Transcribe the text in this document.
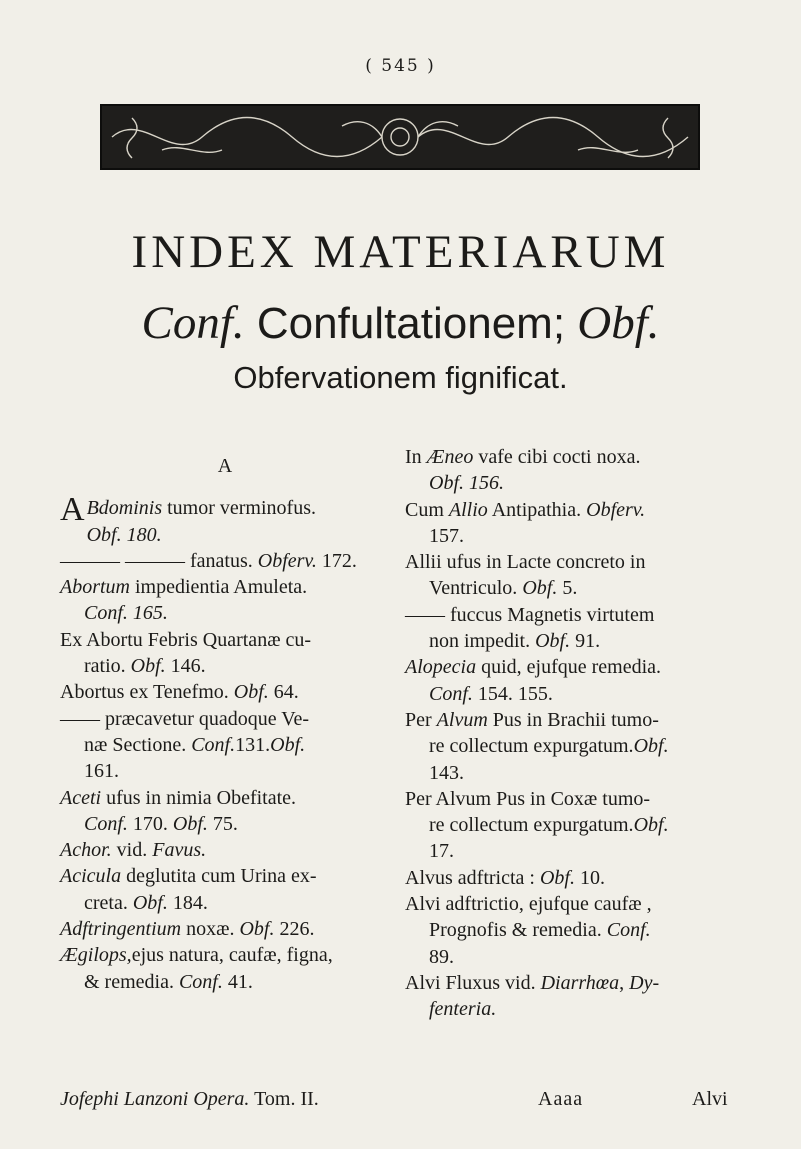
( 545 )
INDEX MATERIARUM
Conf. Confultationem; Obf.
Obfervationem fignificat.
A
A Bdominis tumor verminofus.
Obf. 180.
——— ——— fanatus. Obferv. 172.
Abortum impedientia Amuleta.
Conf. 165.
Ex Abortu Febris Quartanæ cu-
ratio. Obf. 146.
Abortus ex Tenefmo. Obf. 64.
—— præcavetur quadoque Ve-
næ Sectione. Conf.131.Obf.
161.
Aceti ufus in nimia Obefitate.
Conf. 170. Obf. 75.
Achor. vid. Favus.
Acicula deglutita cum Urina ex-
creta. Obf. 184.
Adftringentium noxæ. Obf. 226.
Ægilops,ejus natura, caufæ, figna,
& remedia. Conf. 41.
In Æneo vafe cibi cocti noxa.
Obf. 156.
Cum Allio Antipathia. Obferv.
157.
Allii ufus in Lacte concreto in
Ventriculo. Obf. 5.
—— fuccus Magnetis virtutem
non impedit. Obf. 91.
Alopecia quid, ejufque remedia.
Conf. 154. 155.
Per Alvum Pus in Brachii tumo-
re collectum expurgatum.Obf.
143.
Per Alvum Pus in Coxæ tumo-
re collectum expurgatum.Obf.
17.
Alvus adftricta : Obf. 10.
Alvi adftrictio, ejufque caufæ ,
Prognofis & remedia. Conf.
89.
Alvi Fluxus vid. Diarrhœa, Dy-
fenteria.
Jofephi Lanzoni Opera. Tom. II.	Aaaa	Alvi
